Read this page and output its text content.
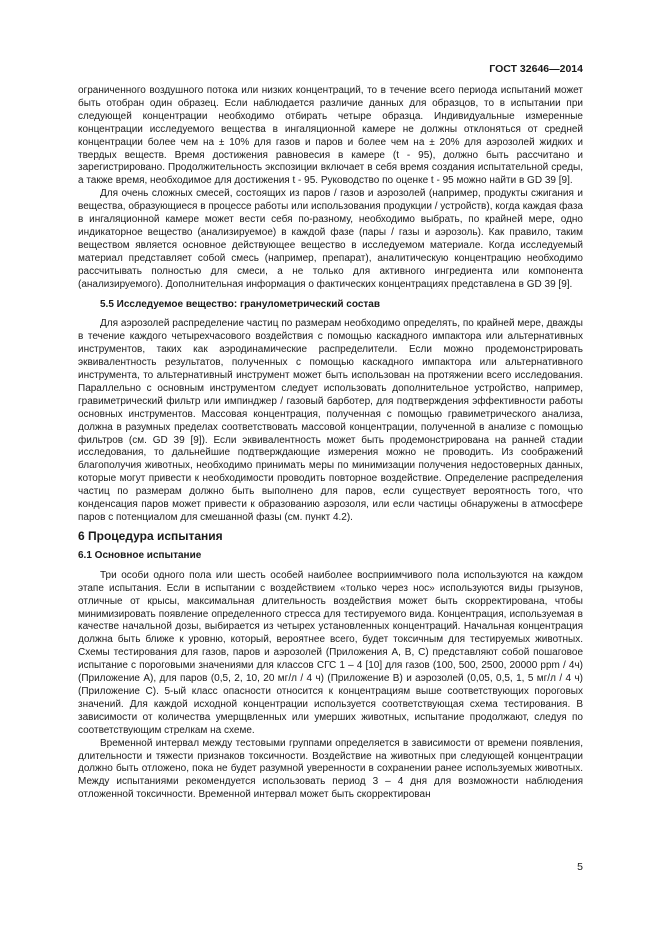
ГОСТ 32646—2014

ограниченного воздушного потока или низких концентраций, то в течение всего периода испытаний может быть отобран один образец. Если наблюдается различие данных для образцов, то в испытании при следующей концентрации необходимо отбирать четыре образца. Индивидуальные измеренные концентрации исследуемого вещества в ингаляционной камере не должны отклоняться от средней концентрации более чем на ± 10% для газов и паров и более чем на ± 20% для аэрозолей жидких и твердых веществ. Время достижения равновесия в камере (t - 95), должно быть рассчитано и зарегистрировано. Продолжительность экспозиции включает в себя время создания испытательной среды, а также время, необходимое для достижения t - 95. Руководство по оценке t - 95 можно найти в GD 39 [9].

Для очень сложных смесей, состоящих из паров / газов и аэрозолей (например, продукты сжигания и вещества, образующиеся в процессе работы или использования продукции / устройств), когда каждая фаза в ингаляционной камере может вести себя по-разному, необходимо выбрать, по крайней мере, одно индикаторное вещество (анализируемое) в каждой фазе (пары / газы и аэрозоль). Как правило, таким веществом является основное действующее вещество в исследуемом материале. Когда исследуемый материал представляет собой смесь (например, препарат), аналитическую концентрацию необходимо рассчитывать полностью для смеси, а не только для активного ингредиента или компонента (анализируемого). Дополнительная информация о фактических концентрациях представлена в GD 39 [9].

5.5 Исследуемое вещество: гранулометрический состав

Для аэрозолей распределение частиц по размерам необходимо определять, по крайней мере, дважды в течение каждого четырехчасового воздействия с помощью каскадного импактора или альтернативных инструментов, таких как аэродинамические распределители. Если можно продемонстрировать эквивалентность результатов, полученных с помощью каскадного импактора или альтернативного инструмента, то альтернативный инструмент может быть использован на протяжении всего исследования. Параллельно с основным инструментом следует использовать дополнительное устройство, например, гравиметрический фильтр или импинджер / газовый барботер, для подтверждения эффективности работы основных инструментов. Массовая концентрация, полученная с помощью гравиметрического анализа, должна в разумных пределах соответствовать массовой концентрации, полученной в анализе с помощью фильтров (см. GD 39 [9]). Если эквивалентность может быть продемонстрирована на ранней стадии исследования, то дальнейшие подтверждающие измерения можно не проводить. Из соображений благополучия животных, необходимо принимать меры по минимизации получения недостоверных данных, которые могут привести к необходимости проводить повторное воздействие. Определение распределения частиц по размерам должно быть выполнено для паров, если существует вероятность того, что конденсация паров может привести к образованию аэрозоля, или если частицы обнаружены в атмосфере паров с потенциалом для смешанной фазы (см. пункт 4.2).

6 Процедура испытания
6.1 Основное испытание

Три особи одного пола или шесть особей наиболее восприимчивого пола используются на каждом этапе испытания. Если в испытании с воздействием «только через нос» используются виды грызунов, отличные от крысы, максимальная длительность воздействия может быть скорректирована, чтобы минимизировать появление определенного стресса для тестируемого вида. Концентрация, используемая в качестве начальной дозы, выбирается из четырех установленных концентраций. Начальная концентрация должна быть ближе к уровню, который, вероятнее всего, будет токсичным для тестируемых животных. Схемы тестирования для газов, паров и аэрозолей (Приложения A, B, C) представляют собой пошаговое испытание с пороговыми значениями для классов СГС 1 – 4 [10] для газов (100, 500, 2500, 20000 ppm / 4ч) (Приложение А), для паров (0,5, 2, 10, 20 мг/л / 4 ч) (Приложение В) и аэрозолей (0,05, 0,5, 1, 5 мг/л / 4 ч) (Приложение С). 5-ый класс опасности относится к концентрациям выше соответствующих пороговых значений. Для каждой исходной концентрации используется соответствующая схема тестирования. В зависимости от количества умерщвленных или умерших животных, испытание продолжают, следуя по соответствующим стрелкам на схеме.

Временной интервал между тестовыми группами определяется в зависимости от времени появления, длительности и тяжести признаков токсичности. Воздействие на животных при следующей концентрации должно быть отложено, пока не будет разумной уверенности в сохранении ранее используемых животных. Между испытаниями рекомендуется использовать период 3 – 4 дня для возможности наблюдения отложенной токсичности. Временной интервал может быть скорректирован

5
